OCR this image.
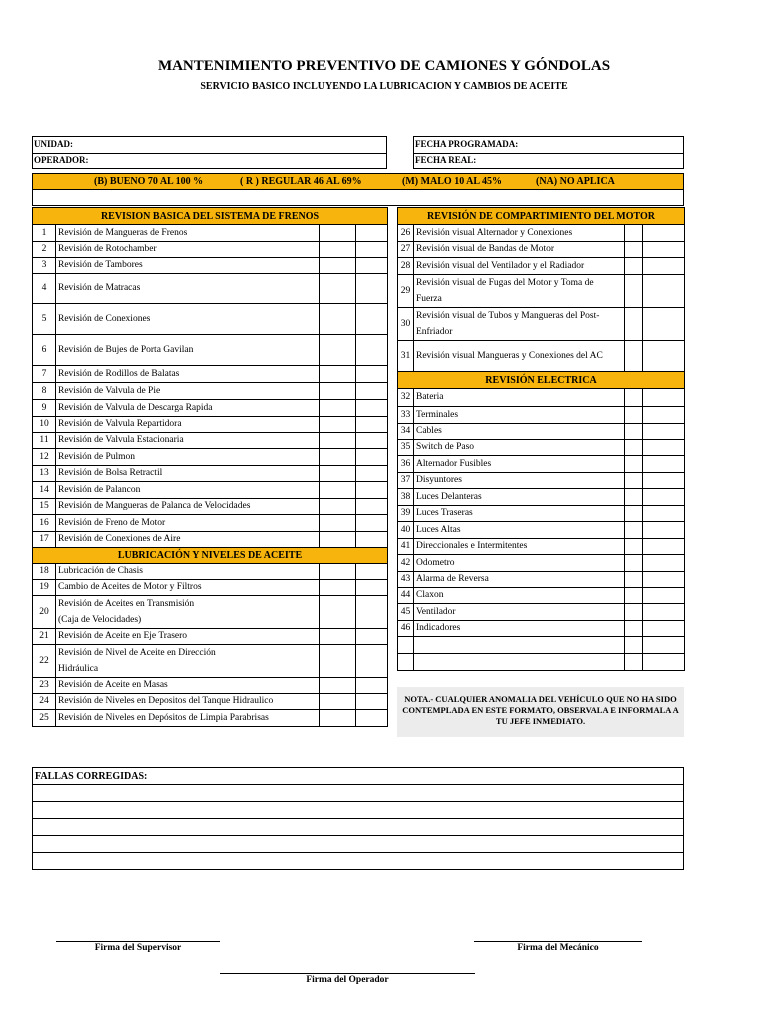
MANTENIMIENTO PREVENTIVO DE CAMIONES Y GÓNDOLAS
SERVICIO BASICO INCLUYENDO LA LUBRICACION Y CAMBIOS DE ACEITE
UNIDAD:
OPERADOR:
FECHA PROGRAMADA:
FECHA REAL:
(B) BUENO 70 AL 100 %	( R ) REGULAR 46 AL 69%	(M) MALO 10 AL 45%	(NA) NO APLICA
REVISION BASICA DEL SISTEMA DE FRENOS			
1	Revisión de Mangueras de Frenos		
2	Revisión de Rotochamber		
3	Revisión de Tambores		
4	Revisión de Matracas		
5	Revisión de Conexiones		
6	Revisión de Bujes de Porta Gavilan		
7	Revisión de Rodillos de Balatas		
8	Revisión de Valvula de Pie		
9	Revisión de Valvula de Descarga Rapida		
10	Revisión de Valvula Repartidora		
11	Revisión de Valvula Estacionaria		
12	Revisión de Pulmon		
13	Revisión de Bolsa Retractil		
14	Revisión de Palancon		
15	Revisión de Mangueras de Palanca de Velocidades		
16	Revisión de Freno de Motor		
17	Revisión de Conexiones de Aire		
LUBRICACIÓN Y NIVELES DE ACEITE			
18	Lubricación de Chasis		
19	Cambio de Aceites de Motor y Filtros		
20	Revisión de Aceites en Transmisión
(Caja de Velocidades)		

21	Revisión de Aceite en Eje Trasero		
22	Revisión de Nivel de Aceite en Dirección
Hidráulica		

23	Revisión de Aceite en Masas		
24	Revisión de Niveles en Depositos del Tanque Hidraulico		
25	Revisión de Niveles en Depósitos de Limpia Parabrisas		
REVISIÓN DE COMPARTIMIENTO DEL MOTOR			
26	Revisión visual Alternador y Conexiones		
27	Revisión visual de Bandas de Motor		
28	Revisión visual del Ventilador y el Radiador		
29	Revisión visual de Fugas del Motor y Toma de
Fuerza		

30	Revisión visual de Tubos y Mangueras del Post-
Enfriador		

31	Revisión visual Mangueras y Conexiones del AC		
REVISIÓN ELECTRICA			
32	Bateria		
33	Terminales		
34	Cables		
35	Switch de Paso		
36	Alternador Fusibles		
37	Disyuntores		
38	Luces Delanteras		
39	Luces Traseras		
40	Luces Altas		
41	Direccionales e Intermitentes		
42	Odometro		
43	Alarma de Reversa		
44	Claxon		
45	Ventilador		
46	Indicadores		

NOTA.- CUALQUIER ANOMALIA DEL VEHÍCULO QUE NO HA SIDO CONTEMPLADA EN ESTE FORMATO, OBSERVALA E INFORMALA A TU JEFE INMEDIATO.
FALLAS CORREGIDAS:

Firma del Supervisor	Firma del Mecánico
Firma del Operador
